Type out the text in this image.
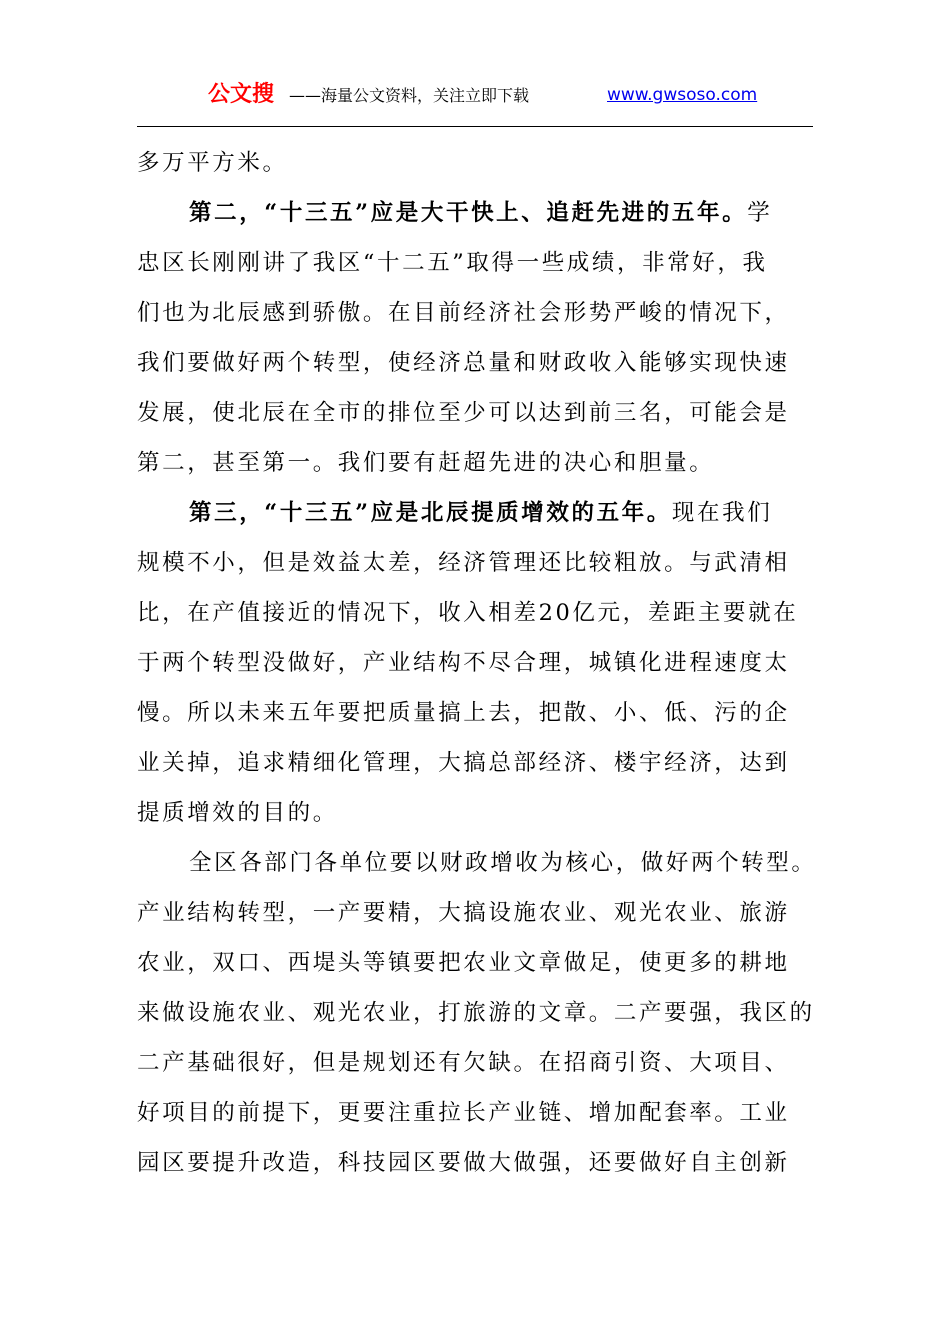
公文搜 ——海量公文资料，关注立即下载	www.gwsoso.com
多万平方米。
第二，“十三五”应是大干快上、追赶先进的五年。学
忠区长刚刚讲了我区“十二五”取得一些成绩，非常好，我
们也为北辰感到骄傲。在目前经济社会形势严峻的情况下，
我们要做好两个转型，使经济总量和财政收入能够实现快速
发展，使北辰在全市的排位至少可以达到前三名，可能会是
第二，甚至第一。我们要有赶超先进的决心和胆量。
第三，“十三五”应是北辰提质增效的五年。现在我们
规模不小，但是效益太差，经济管理还比较粗放。与武清相
比，在产值接近的情况下，收入相差20亿元，差距主要就在
于两个转型没做好，产业结构不尽合理，城镇化进程速度太
慢。所以未来五年要把质量搞上去，把散、小、低、污的企
业关掉，追求精细化管理，大搞总部经济、楼宇经济，达到
提质增效的目的。
全区各部门各单位要以财政增收为核心，做好两个转型。
产业结构转型，一产要精，大搞设施农业、观光农业、旅游
农业，双口、西堤头等镇要把农业文章做足，使更多的耕地
来做设施农业、观光农业，打旅游的文章。二产要强，我区的
二产基础很好，但是规划还有欠缺。在招商引资、大项目、
好项目的前提下，更要注重拉长产业链、增加配套率。工业
园区要提升改造，科技园区要做大做强，还要做好自主创新
